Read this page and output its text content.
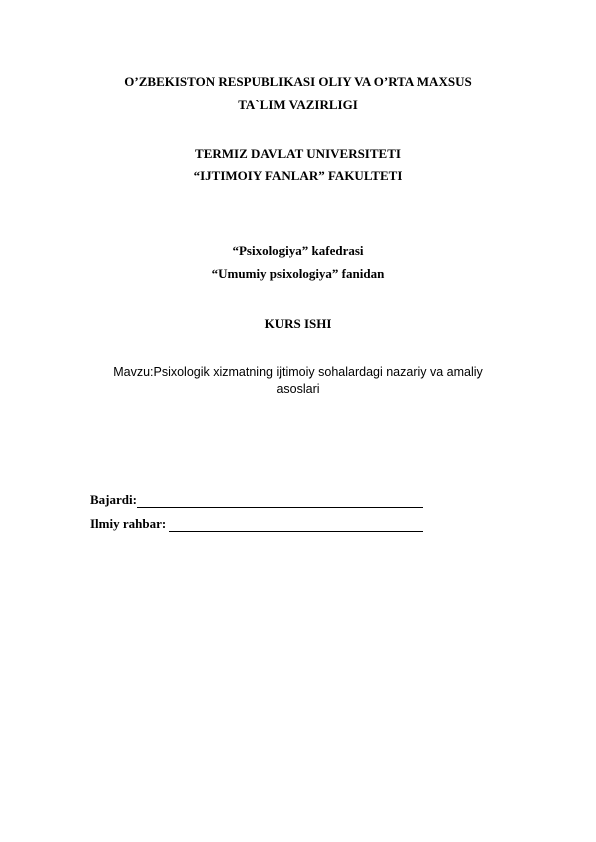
O’ZBEKISTON RESPUBLIKASI OLIY VA O’RTA MAXSUS
TA`LIM VAZIRLIGI
TERMIZ DAVLAT UNIVERSITETI
“IJTIMOIY FANLAR” FAKULTETI
“Psixologiya” kafedrasi
“Umumiy psixologiya” fanidan
KURS ISHI
Mavzu:Psixologik xizmatning ijtimoiy sohalardagi nazariy va amaliy asoslari
Bajardi:
Ilmiy rahbar:
